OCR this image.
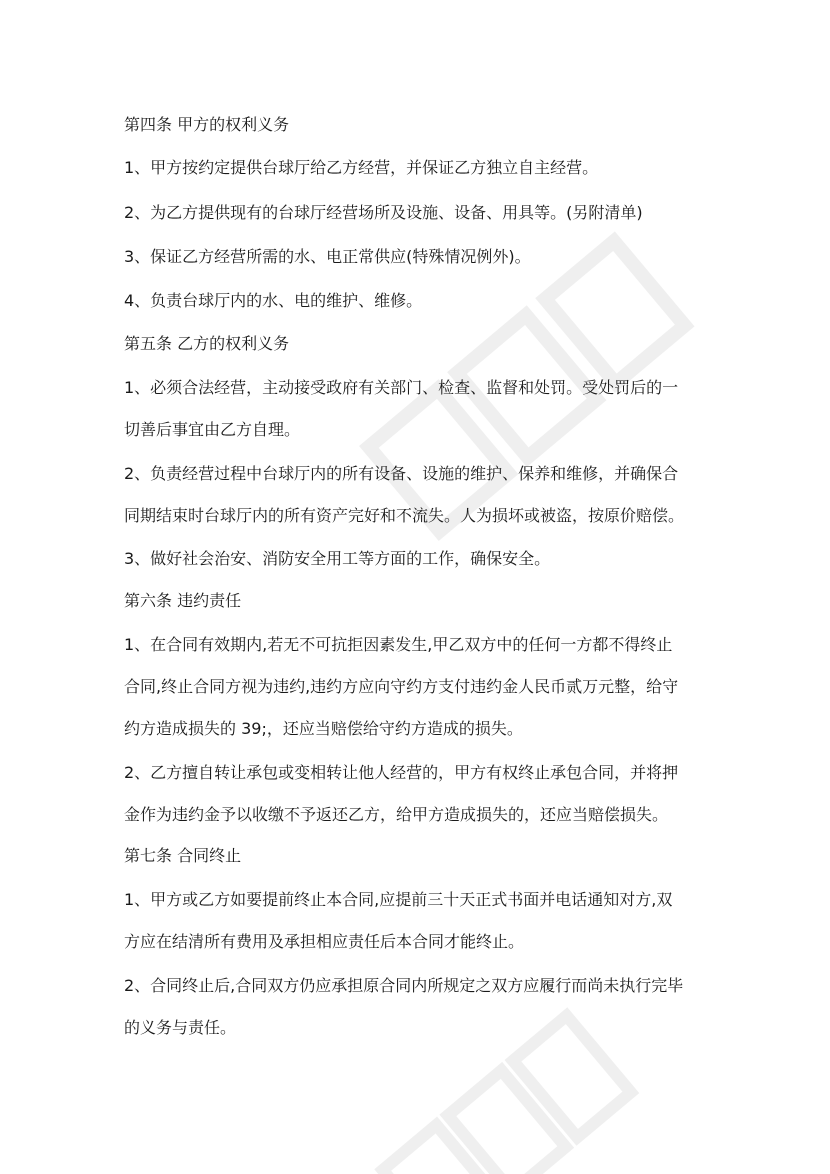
第四条 甲方的权利义务
1、甲方按约定提供台球厅给乙方经营，并保证乙方独立自主经营。
2、为乙方提供现有的台球厅经营场所及设施、设备、用具等。(另附清单)
3、保证乙方经营所需的水、电正常供应(特殊情况例外)。
4、负责台球厅内的水、电的维护、维修。
第五条 乙方的权利义务
1、必须合法经营，主动接受政府有关部门、检查、监督和处罚。受处罚后的一
切善后事宜由乙方自理。
2、负责经营过程中台球厅内的所有设备、设施的维护、保养和维修，并确保合
同期结束时台球厅内的所有资产完好和不流失。人为损坏或被盗，按原价赔偿。
3、做好社会治安、消防安全用工等方面的工作，确保安全。
第六条 违约责任
1、在合同有效期内,若无不可抗拒因素发生,甲乙双方中的任何一方都不得终止
合同,终止合同方视为违约,违约方应向守约方支付违约金人民币贰万元整，给守
约方造成损失的 39;，还应当赔偿给守约方造成的损失。
2、乙方擅自转让承包或变相转让他人经营的，甲方有权终止承包合同，并将押
金作为违约金予以收缴不予返还乙方，给甲方造成损失的，还应当赔偿损失。
第七条 合同终止
1、甲方或乙方如要提前终止本合同,应提前三十天正式书面并电话通知对方,双
方应在结清所有费用及承担相应责任后本合同才能终止。
2、合同终止后,合同双方仍应承担原合同内所规定之双方应履行而尚未执行完毕
的义务与责任。
